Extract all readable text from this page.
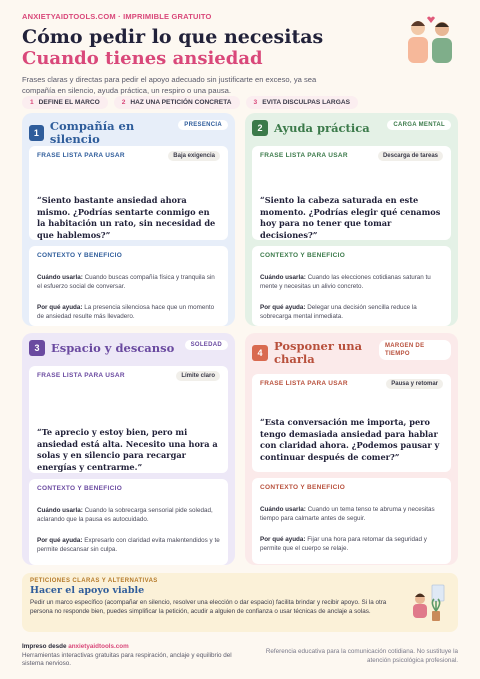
ANXIETYAIDTOOLS.COM · IMPRIMIBLE GRATUITO
Cómo pedir lo que necesitas
Cuando tienes ansiedad
Frases claras y directas para pedir el apoyo adecuado sin justificarte en exceso, ya sea compañía en silencio, ayuda práctica, un respiro o una pausa.
1 DEFINE EL MARCO	2 HAZ UNA PETICIÓN CONCRETA	3 EVITA DISCULPAS LARGAS
1 Compañía en silencio
PRESENCIA
FRASE LISTA PARA USAR	Baja exigencia
“Siento bastante ansiedad ahora mismo. ¿Podrías sentarte conmigo en la habitación un rato, sin necesidad de que hablemos?”
CONTEXTO Y BENEFICIO
Cuándo usarla: Cuando buscas compañía física y tranquila sin el esfuerzo social de conversar.
Por qué ayuda: La presencia silenciosa hace que un momento de ansiedad resulte más llevadero.
2	Ayuda práctica	CARGA MENTAL
FRASE LISTA PARA USAR	Descarga de tareas
“Siento la cabeza saturada en este momento. ¿Podrías elegir qué cenamos hoy para no tener que tomar decisiones?”
CONTEXTO Y BENEFICIO
Cuándo usarla: Cuando las elecciones cotidianas saturan tu mente y necesitas un alivio concreto.
Por qué ayuda: Delegar una decisión sencilla reduce la sobrecarga mental inmediata.
3	Espacio y descanso	SOLEDAD
FRASE LISTA PARA USAR	Límite claro
“Te aprecio y estoy bien, pero mi ansiedad está alta. Necesito una hora a solas y en silencio para recargar energías y centrarme.”
CONTEXTO Y BENEFICIO
Cuándo usarla: Cuando la sobrecarga sensorial pide soledad, aclarando que la pausa es autocuidado.
Por qué ayuda: Expresarlo con claridad evita malentendidos y te permite descansar sin culpa.
4	Posponer una charla
MARGEN DE TIEMPO
FRASE LISTA PARA USAR	Pausa y retomar
“Esta conversación me importa, pero tengo demasiada ansiedad para hablar con claridad ahora. ¿Podemos pausar y continuar después de comer?”
CONTEXTO Y BENEFICIO
Cuándo usarla: Cuando un tema tenso te abruma y necesitas tiempo para calmarte antes de seguir.
Por qué ayuda: Fijar una hora para retomar da seguridad y permite que el cuerpo se relaje.
PETICIONES CLARAS Y ALTERNATIVAS
Hacer el apoyo viable
Pedir un marco específico (acompañar en silencio, resolver una elección o dar espacio) facilita brindar y recibir apoyo. Si la otra persona no responde bien, puedes simplificar la petición, acudir a alguien de confianza o usar técnicas de anclaje a solas.
Impreso desde anxietyaidtools.com
Herramientas interactivas gratuitas para respiración, anclaje y equilibrio del sistema nervioso.
Referencia educativa para la comunicación cotidiana. No sustituye la atención psicológica profesional.
